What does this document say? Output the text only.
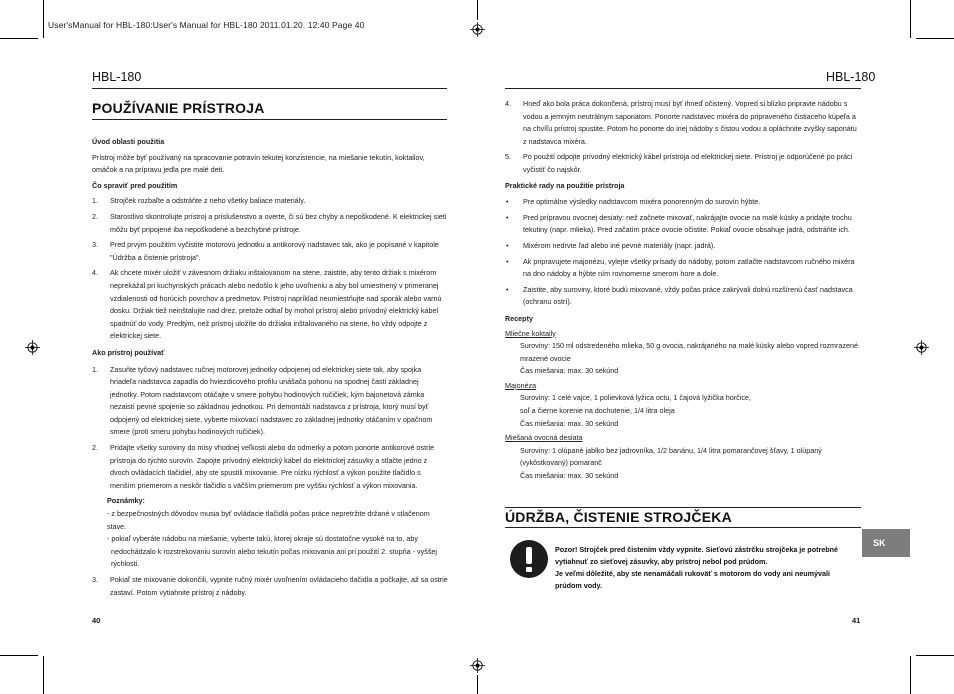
User'sManual for HBL-180:User's Manual for HBL-180 2011.01.20. 12:40 Page 40
HBL-180
POUŽÍVANIE PRÍSTROJA

Úvod oblasti použitia

Prístroj môže byť používaný na spracovanie potravín tekutej konzistencie, na miešanie tekutín, koktailov, omáčok a na prípravu jedla pre malé deti.

Čo spraviť pred použitím

1. Strojček rozbaľte a odstráňte z neho všetky baliace materiály.

2. Starostlivo skontrolujte prístroj a príslušenstvo a overte, či sú bez chyby a nepoškodené. K elektrickej sieti môžu byť pripojené iba nepoškodené a bezchybné prístroje.

3. Pred prvým použitím vyčistite motorovú jednotku a antikorový nadstavec tak, ako je popísané v kapitole "Údržba a čistenie prístroja".

4. Ak chcete mixér uložiť v závesnom držiaku inštalovanom na stene, zaistite, aby tento držiak s mixérom neprekážal pri kuchynských prácach alebo nedošlo k jeho uvoľneniu a aby bol umiestnený v primeranej vzdialenosti od horúcich povrchov a predmetov. Prístroj napríklad neumiestňujte nad sporák alebo varnú dosku. Držiak tiež neinštalujte nad drez, pretože odtiaľ by mohol prístroj alebo prívodný elektrický kábel spadnúť do vody. Predtým, než prístroj uložíte do držiaka inštalovaného na stene, ho vždy odpojte z elektrickej siete.

Ako prístroj používať

1. Zasuňte tyčový nadstavec ručnej motorovej jednotky odpojenej od elektrickej siete tak, aby spojka hriadeľa nadstavca zapadla do hviezdicového profilu unášača pohonu na spodnej časti základnej jednotky. Potom nadstavcom otáčajte v smere pohybu hodinových ručičiek, kým bajonetová zámka nezaistí pevné spojenie so základnou jednotkou. Pri demontáži nadstavca z prístroja, ktorý musí byť odpojený od elektrickej siete, vyberte mixovací nadstavec zo základnej jednotky otáčaním v opačnom smere (proti smeru pohybu hodinových ručičiek).

2. Pridajte všetky suroviny do misy vhodnej veľkosti alebo do odmerky a potom ponorte antikorové ostrie prístroja do týchto surovín. Zapojte prívodný elektrický kábel do elektrickej zásuvky a stlačte jedno z dvoch ovládacích tlačidiel, aby ste spustili mixovanie. Pre nízku rýchlosť a výkon použite tlačidlo s menším priemerom a neskôr tlačidlo s väčším priemerom pre vyššiu rýchlosť a výkon mixovania.

Poznámky:

- z bezpečnostných dôvodov musia byť ovládacie tlačidlá počas práce nepretržite držané v stlačenom stave.

- pokiaľ vyberáte nádobu na miešanie, vyberte takú, ktorej okraje sú dostatočne vysoké na to, aby

nedochádzalo k rozstrekovaniu surovín alebo tekutín počas mixovania ani pri použití 2. stupňa - vyššej

rýchlosti.

3. Pokiaľ ste mixovanie dokončili, vypnite ručný mixér uvoľnením ovládacieho tlačidla a počkajte, až sa ostrie zastaví. Potom vytiahnite prístroj z nádoby.

40
HBL-180
4. Hneď ako bola práca dokončená, prístroj musí byť ihneď očistený. Vopred si blízko pripravte nádobu s vodou a jemným neutrálnym saponátom. Ponorte nadstavec mixéra do pripraveného čistiaceho kúpeľa a na chvíľu prístroj spustite. Potom ho ponorte do inej nádoby s čistou vodou a opláchnite zvyšky saponátu z nadstavca mixéra.

5. Po použití odpojte prívodný elektrický kábel prístroja od elektrickej siete. Prístroj je odporúčené po práci vyčistiť čo najskôr.

Praktické rady na použitie prístroja

• Pre optimálne výsledky nadstavcom mixéra ponorenným do surovín hýbte.

• Pred prípravou ovocnej desiaty: než začnete mixovať, nakrájajte ovocie na malé kúsky a pridajte trochu tekutiny (napr. mlieka). Pred začatím práce ovocie očistite. Pokiaľ ovocie obsahuje jadrá, odstráňte ich.

• Mixérom nedrvte ľad alebo iné pevné materiály (napr. jadrá).

• Ak pripravujete majonézu, vylejte všetky prísady do nádoby, potom zatlačte nadstavcom ručného mixéra na dno nádoby a hýbte ním rovnomerne smerom hore a dole.

• Zaistite, aby suroviny, ktoré budú mixované, vždy počas práce zakrývali dolnú rozšírenú časť nadstavca (ochranu ostrí).

Recepty

Mliečne koktaily

Suroviny: 150 ml odstredeného mlieka, 50 g ovocia, nakrájaného na malé kúsky alebo vopred rozmrazené

mrazené ovocie

Čas miešania: max. 30 sekúnd

Majonéza

Suroviny: 1 celé vajce, 1 polievková lyžica octu, 1 čajová lyžička horčice,

soľ a čierne korenie na dochutenie, 1/4 litra oleja

Čas miešania: max. 30 sekúnd

Miešaná ovocná desiata

Suroviny: 1 olúpané jablko bez jadrovníka, 1/2 banánu, 1/4 litra pomarančovej šťavy, 1 olúpaný

(vykôstkovaný) pomaranč

Čas miešania: max. 30 sekúnd

ÚDRŽBA, ČISTENIE STROJČEKA

Pozor! Strojček pred čistením vždy vypnite. Sieťovú zástrčku strojčeka je potrebné

vytiahnuť zo sieťovej zásuvky, aby prístroj nebol pod prúdom.

Je veľmi dôležité, aby ste nenamáčali rukoväť s motorom do vody ani neumývali

prúdom vody.

SK
41
